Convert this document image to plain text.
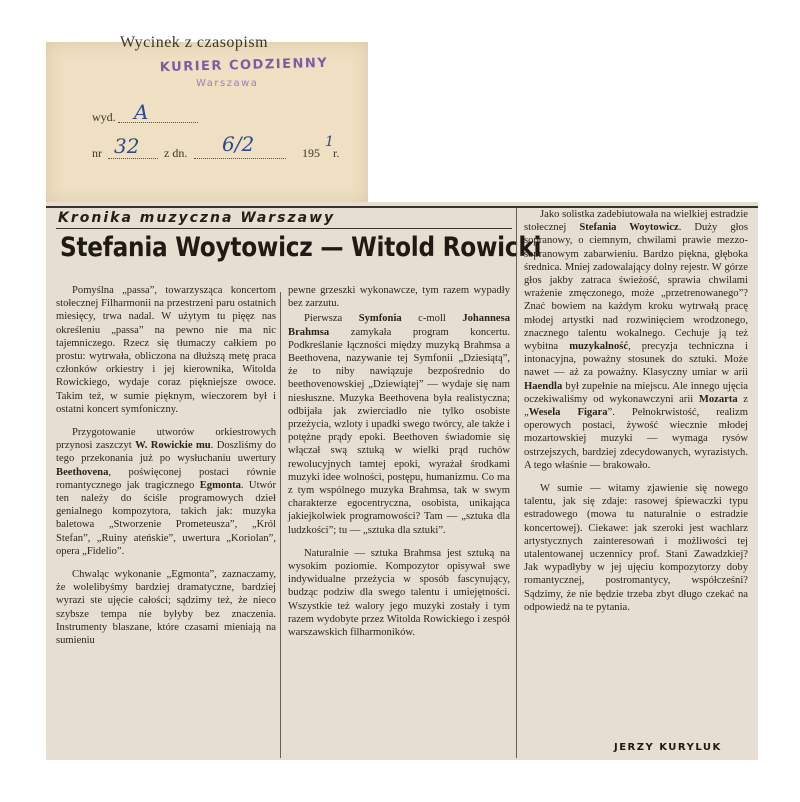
Wycinek z czasopism
KURIER CODZIENNY
Warszawa
wyd. A
nr 32 z dn. 6/2	195
1
r.
Kronika muzyczna Warszawy
Stefania Woytowicz — Witold Rowicki

Pomyślna „passa”, towarzysząca koncertom stołecznej Filharmonii na przestrzeni paru ostatnich miesięcy, trwa nadal. W użytym tu pięęz nas określeniu „passa” na pewno nie ma nic tajemniczego. Rzecz się tłumaczy całkiem po prostu: wytrwała, obliczona na dłuższą metę praca członków orkiestry i jej kierownika, Witolda Rowickiego, wydaje coraz piękniejsze owoce. Takim też, w sumie pięknym, wieczorem był i ostatni koncert symfoniczny.

Przygotowanie utworów orkiestrowych przynosi zaszczyt W. Rowickie mu. Doszliśmy do tego przekonania już po wysłuchaniu uwertury Beethovena, poświęconej postaci równie romantycznego jak tragicznego Egmonta. Utwór ten należy do ściśle programowych dzieł genialnego kompozytora, takich jak: muzyka baletowa „Stworzenie Prometeusza”, „Król Stefan”, „Ruiny ateńskie”, uwertura „Koriolan”, opera „Fidelio”.

Chwaląc wykonanie „Egmonta”, zaznaczamy, że wolelibyśmy bardziej dramatyczne, bardziej wyrazi ste ujęcie całości; sądzimy też, że nieco szybsze tempa nie byłyby bez znaczenia. Instrumenty blaszane, które czasami mieniają na sumieniu

pewne grzeszki wykonawcze, tym razem wypadły bez zarzutu.

Pierwsza Symfonia c-moll Johannesa Brahmsa zamykała program koncertu. Podkreślanie łączności między muzyką Brahmsa a Beethovena, nazywanie tej Symfonii „Dziesiątą”, że to niby nawiązuje bezpośrednio do beethovenowskiej „Dziewiątej” — wydaje się nam niesłuszne. Muzyka Beethovena była realistyczna; odbijała jak zwierciadło nie tylko osobiste przeżycia, wzloty i upadki swego twórcy, ale także i potężne prądy epoki. Beethoven świadomie się włączał swą sztuką w wielki prąd ruchów rewolucyjnych tamtej epoki, wyrażał środkami muzyki idee wolności, postępu, humanizmu. Co ma z tym wspólnego muzyka Brahmsa, tak w swym charakterze egocentryczna, osobista, unikająca jakiejkolwiek programowości? Tam — „sztuka dla ludzkości”; tu — „sztuka dla sztuki”.

Naturalnie — sztuka Brahmsa jest sztuką na wysokim poziomie. Kompozytor opisywał swe indywidualne przeżycia w sposób fascynujący, budząc podziw dla swego talentu i umiejętności. Wszystkie też walory jego muzyki zostały i tym razem wydobyte przez Witolda Rowickiego i zespół warszawskich filharmoników.

Jako solistka zadebiutowała na wielkiej estradzie stołecznej Stefania Woytowicz. Duży głos sopranowy, o ciemnym, chwilami prawie mezzo-sopranowym zabarwieniu. Bardzo piękna, głęboka średnica. Mniej zadowalający dolny rejestr. W górze głos jakby zatraca świeżość, sprawia chwilami wrażenie zmęczonego, może „przetrenowanego”? Znać bowiem na każdym kroku wytrwałą pracę młodej artystki nad rozwinięciem wrodzonego, znacznego talentu wokalnego. Cechuje ją też wybitna muzykalność, precyzja techniczna i intonacyjna, poważny stosunek do sztuki. Może nawet — aż za poważny. Klasyczny umiar w arii Haendla był zupełnie na miejscu. Ale innego ujęcia oczekiwaliśmy od wykonawczyni arii Mozarta z „Wesela Figara”. Pełnokrwistość, realizm operowych postaci, żywość wiecznie młodej mozartowskiej muzyki — wymaga rysów ostrzejszych, bardziej zdecydowanych, wyrazistych. A tego właśnie — brakowało.

W sumie — witamy zjawienie się nowego talentu, jak się zdaje: rasowej śpiewaczki typu estradowego (mowa tu naturalnie o estradzie koncertowej). Ciekawe: jak szeroki jest wachlarz artystycznych zainteresowań i możliwości tej utalentowanej uczennicy prof. Stani Zawadzkiej? Jak wypadłyby w jej ujęciu kompozytorzy doby romantycznej, postromantycy, współcześni? Sądzimy, że nie będzie trzeba zbyt długo czekać na odpowiedź na te pytania.

JERZY KURYLUK
